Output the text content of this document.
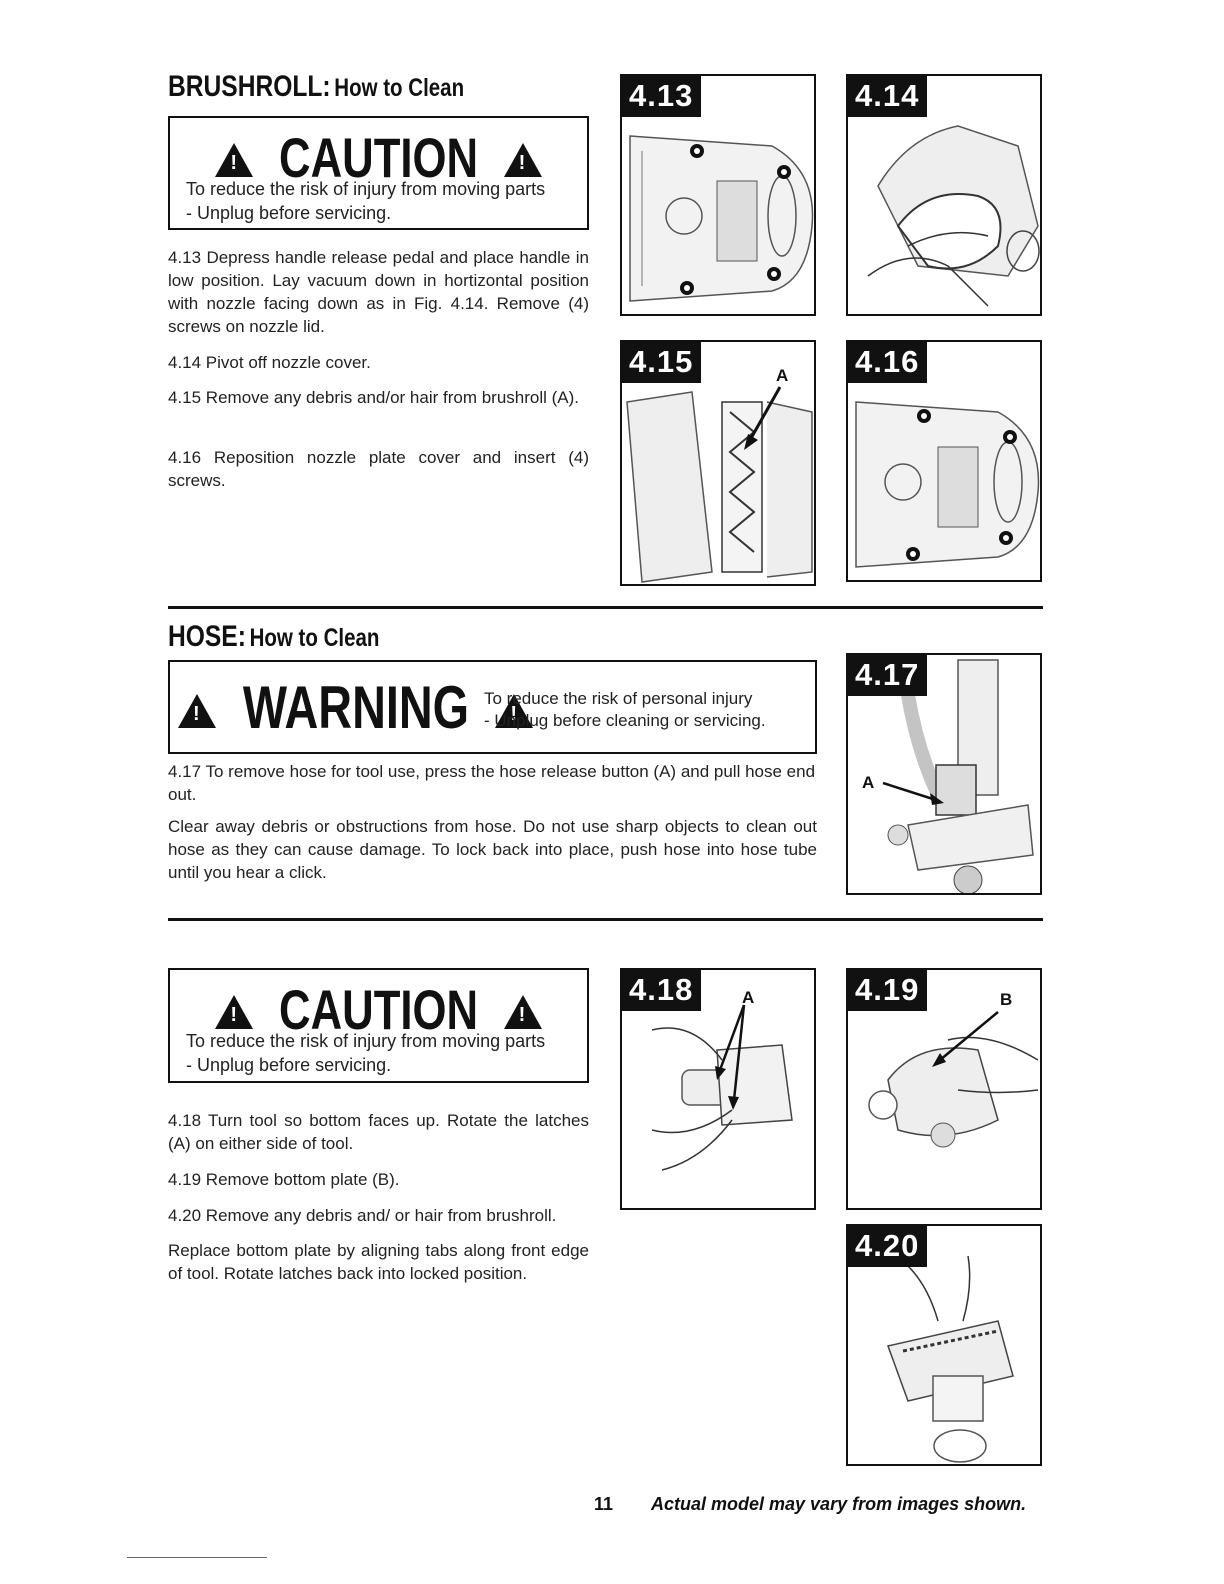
BRUSHROLL: How to Clean
! CAUTION !
To reduce the risk of injury from moving parts
- Unplug before servicing.
4.13 Depress handle release pedal and place handle in low position. Lay vacuum down in hortizontal position with nozzle facing down as in Fig. 4.14. Remove (4) screws on nozzle lid.
4.14 Pivot off nozzle cover.
4.15 Remove any debris and/or hair from brushroll (A).
4.16 Reposition nozzle plate cover and insert (4) screws.
4.13	4.14
4.15	A 4.16
HOSE: How to Clean
! WARNING ! To reduce the risk of personal injury
- Unplug before cleaning or servicing.
4.17 To remove hose for tool use, press the hose release button (A) and pull hose end out.
Clear away debris or obstructions from hose. Do not use sharp objects to clean out hose as they can cause damage. To lock back into place, push hose into hose tube until you hear a click.
4.17
A
! CAUTION !
To reduce the risk of injury from moving parts
- Unplug before servicing.
4.18 Turn tool so bottom faces up. Rotate the latches (A) on either side of tool.
4.19 Remove bottom plate (B).
4.20 Remove any debris and/ or hair from brushroll.
Replace bottom plate by aligning tabs along front edge of tool. Rotate latches back into locked position.
4.18	A	4.19	B
4.20
11 Actual model may vary from images shown.
